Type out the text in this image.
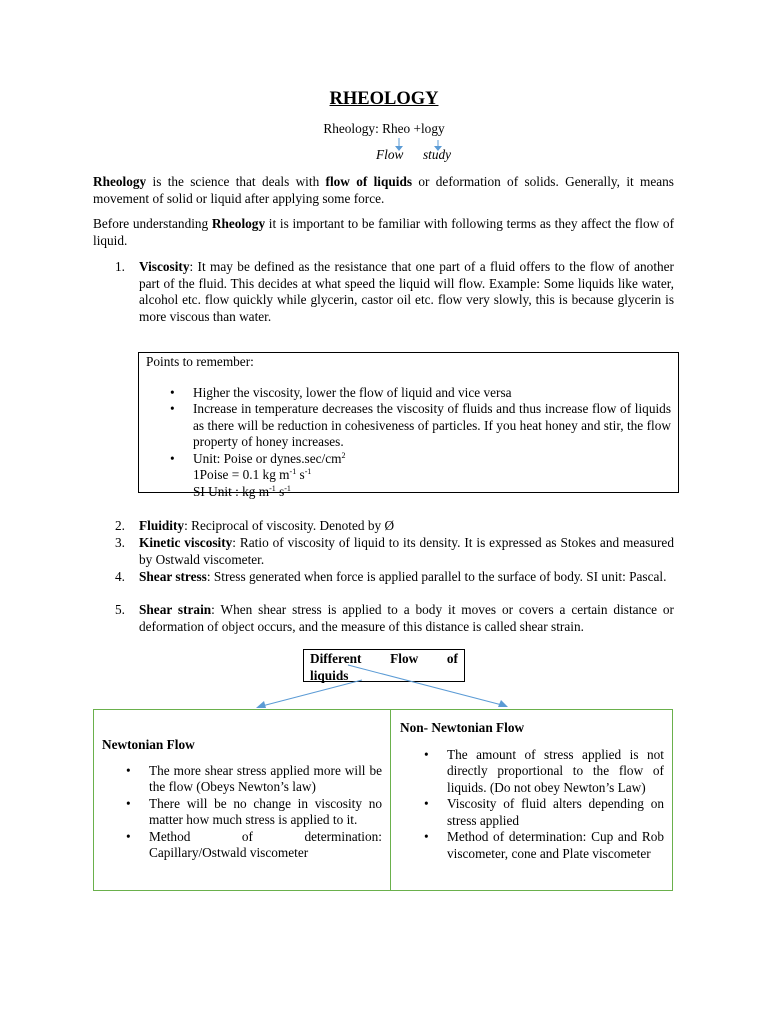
RHEOLOGY
Rheology: Rheo +logy
Flow study
Rheology is the science that deals with flow of liquids or deformation of solids. Generally, it means movement of solid or liquid after applying some force.
Before understanding Rheology it is important to be familiar with following terms as they affect the flow of liquid.
1.	Viscosity: It may be defined as the resistance that one part of a fluid offers to the flow of another part of the fluid. This decides at what speed the liquid will flow. Example: Some liquids like water, alcohol etc. flow quickly while glycerin, castor oil etc. flow very slowly, this is because glycerin is more viscous than water.
Points to remember:
• Higher the viscosity, lower the flow of liquid and vice versa
• Increase in temperature decreases the viscosity of fluids and thus increase flow of liquids as there will be reduction in cohesiveness of particles. If you heat honey and stir, the flow property of honey increases.
• Unit: Poise or $dynes.\sec/cm^2$
1Poise = 0.1 kg $m^{-1}$ $s^{-1}$
SI Unit : kg $m^{-1}$ $s^{-1}$
2.	Fluidity: Reciprocal of viscosity. Denoted by Ø
3.	Kinetic viscosity: Ratio of viscosity of liquid to its density. It is expressed as Stokes and measured by Ostwald viscometer.
4.	Shear stress: Stress generated when force is applied parallel to the surface of body. SI unit: Pascal.
5.	Shear strain: When shear stress is applied to a body it moves or covers a certain distance or deformation of object occurs, and the measure of this distance is called shear strain.
Different Flow of
liquids
Newtonian Flow
• The more shear stress applied more will be the flow (Obeys Newton’s law)
• There will be no change in viscosity no matter how much stress is applied to it.
• Method	of	determination:
Capillary/Ostwald viscometer
Non- Newtonian Flow
• The amount of stress applied is not directly proportional to the flow of liquids. (Do not obey Newton’s Law)
• Viscosity of fluid alters depending on stress applied
• Method of determination: Cup and Rob viscometer, cone and Plate viscometer
